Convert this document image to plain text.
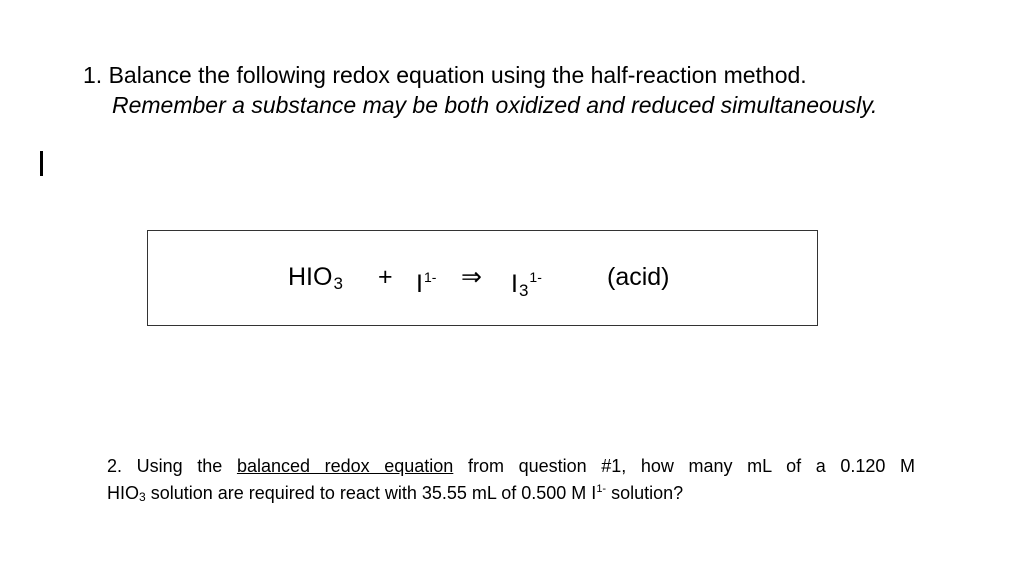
1. Balance the following redox equation using the half-reaction method.
Remember a substance may be both oxidized and reduced simultaneously.
$HIO_3 + I^{1-}$ ⇒ $I_3^{1-}$	(acid)
2. Using the balanced redox equation from question #1, how many mL of a 0.120 M
HIO3 solution are required to react with 35.55 mL of 0.500 M $I^{1-}$ solution?
